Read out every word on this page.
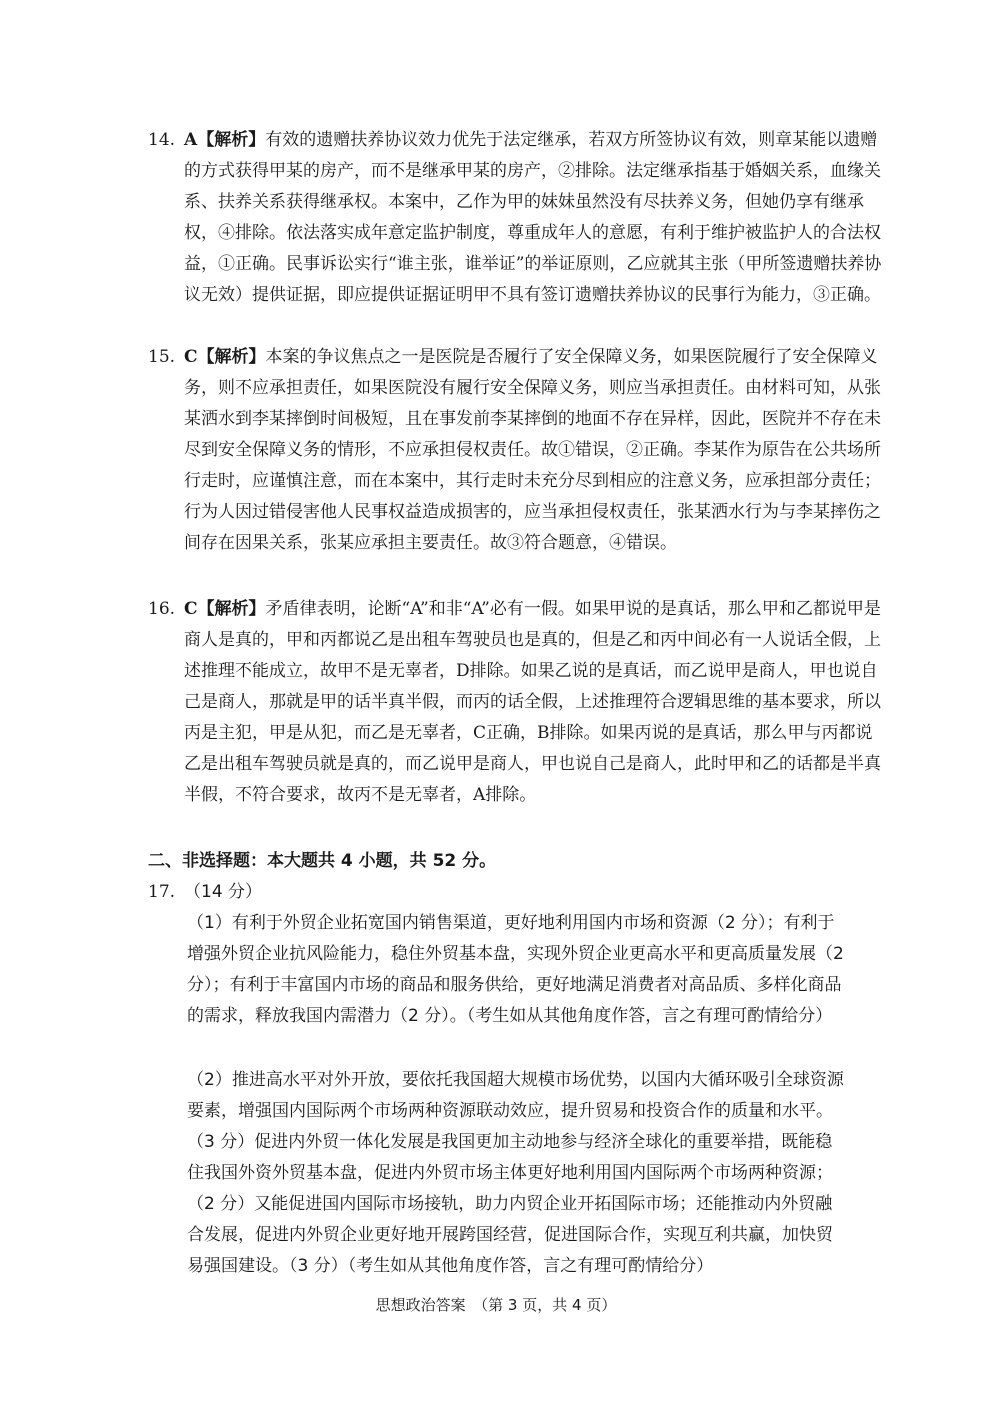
14. A【解析】有效的遗赠扶养协议效力优先于法定继承，若双方所签协议有效，则章某能以遗赠的方式获得甲某的房产，而不是继承甲某的房产，②排除。法定继承指基于婚姻关系，血缘关系、扶养关系获得继承权。本案中，乙作为甲的妹妹虽然没有尽扶养义务，但她仍享有继承权，④排除。依法落实成年意定监护制度，尊重成年人的意愿，有利于维护被监护人的合法权益，①正确。民事诉讼实行“谁主张，谁举证”的举证原则，乙应就其主张（甲所签遗赠扶养协议无效）提供证据，即应提供证据证明甲不具有签订遗赠扶养协议的民事行为能力，③正确。
15. C【解析】本案的争议焦点之一是医院是否履行了安全保障义务，如果医院履行了安全保障义务，则不应承担责任，如果医院没有履行安全保障义务，则应当承担责任。由材料可知，从张某洒水到李某摔倒时间极短，且在事发前李某摔倒的地面不存在异样，因此，医院并不存在未尽到安全保障义务的情形，不应承担侵权责任。故①错误，②正确。李某作为原告在公共场所行走时，应谨慎注意，而在本案中，其行走时未充分尽到相应的注意义务，应承担部分责任；行为人因过错侵害他人民事权益造成损害的，应当承担侵权责任，张某洒水行为与李某摔伤之间存在因果关系，张某应承担主要责任。故③符合题意，④错误。
16. C【解析】矛盾律表明，论断“A”和非“A”必有一假。如果甲说的是真话，那么甲和乙都说甲是商人是真的，甲和丙都说乙是出租车驾驶员也是真的，但是乙和丙中间必有一人说话全假，上述推理不能成立，故甲不是无辜者，D排除。如果乙说的是真话，而乙说甲是商人，甲也说自己是商人，那就是甲的话半真半假，而丙的话全假，上述推理符合逻辑思维的基本要求，所以丙是主犯，甲是从犯，而乙是无辜者，C正确，B排除。如果丙说的是真话，那么甲与丙都说乙是出租车驾驶员就是真的，而乙说甲是商人，甲也说自己是商人，此时甲和乙的话都是半真半假，不符合要求，故丙不是无辜者，A排除。
二、非选择题：本大题共 4 小题，共 52 分。
17. （14 分）
（1）有利于外贸企业拓宽国内销售渠道，更好地利用国内市场和资源（2 分）；有利于增强外贸企业抗风险能力，稳住外贸基本盘，实现外贸企业更高水平和更高质量发展（2 分）；有利于丰富国内市场的商品和服务供给，更好地满足消费者对高品质、多样化商品的需求，释放我国内需潜力（2 分）。（考生如从其他角度作答，言之有理可酌情给分）
（2）推进高水平对外开放，要依托我国超大规模市场优势，以国内大循环吸引全球资源要素，增强国内国际两个市场两种资源联动效应，提升贸易和投资合作的质量和水平。（3 分）促进内外贸一体化发展是我国更加主动地参与经济全球化的重要举措，既能稳住我国外资外贸基本盘，促进内外贸市场主体更好地利用国内国际两个市场两种资源；（2 分）又能促进国内国际市场接轨，助力内贸企业开拓国际市场；还能推动内外贸融合发展，促进内外贸企业更好地开展跨国经营，促进国际合作，实现互利共赢，加快贸易强国建设。（3 分）（考生如从其他角度作答，言之有理可酌情给分）
思想政治答案　（第 3 页，共 4 页）
